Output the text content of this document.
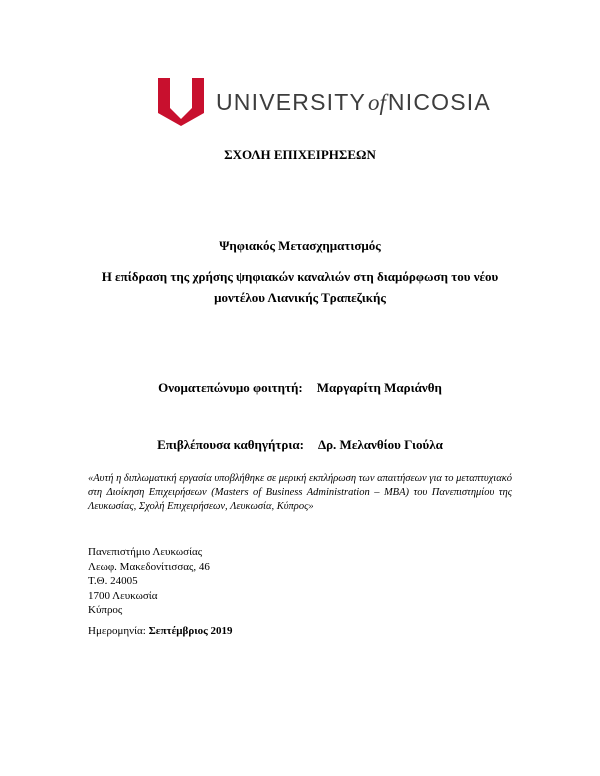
UNIVERSITYofNICOSIA
ΣΧΟΛΗ ΕΠΙΧΕΙΡΗΣΕΩΝ
Ψηφιακός Μετασχηματισμός
Η επίδραση της χρήσης ψηφιακών καναλιών στη διαμόρφωση του νέου
μοντέλου Λιανικής Τραπεζικής
Ονοματεπώνυμο φοιτητή: Μαργαρίτη Μαριάνθη
Επιβλέπουσα καθηγήτρια: Δρ. Μελανθίου Γιούλα
«Αυτή η διπλωματική εργασία υποβλήθηκε σε μερική εκπλήρωση των απαιτήσεων για το μεταπτυχιακό στη Διοίκηση Επιχειρήσεων (Masters of Business Administration – MBA) του Πανεπιστημίου της Λευκωσίας, Σχολή Επιχειρήσεων, Λευκωσία, Κύπρος»
Πανεπιστήμιο Λευκωσίας
Λεωφ. Μακεδονίτισσας, 46
Τ.Θ. 24005
1700 Λευκωσία
Κύπρος
Ημερομηνία: Σεπτέμβριος 2019
